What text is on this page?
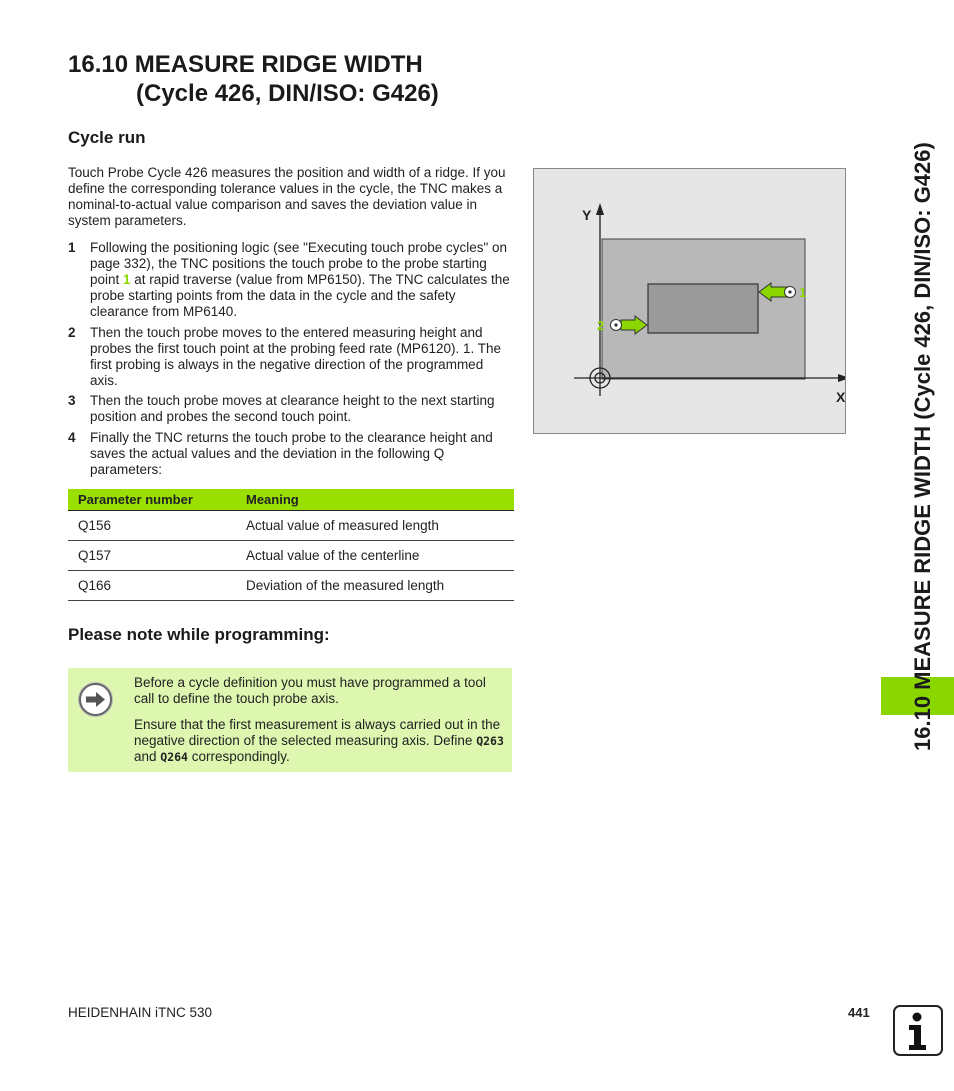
16.10 MEASURE RIDGE WIDTH
(Cycle 426, DIN/ISO: G426)
Cycle run

Touch Probe Cycle 426 measures the position and width of a ridge. If you define the corresponding tolerance values in the cycle, the TNC makes a nominal-to-actual value comparison and saves the deviation value in system parameters.

1	Following the positioning logic (see "Executing touch probe cycles" on page 332), the TNC positions the touch probe to the probe starting point 1 at rapid traverse (value from MP6150). The TNC calculates the probe starting points from the data in the cycle and the safety clearance from MP6140.
2	Then the touch probe moves to the entered measuring height and probes the first touch point at the probing feed rate (MP6120). 1. The first probing is always in the negative direction of the programmed axis.
3	Then the touch probe moves at clearance height to the next starting position and probes the second touch point.
4	Finally the TNC returns the touch probe to the clearance height and saves the actual values and the deviation in the following Q parameters:
Parameter number	Meaning
Q156	Actual value of measured length
Q157	Actual value of the centerline
Q166	Deviation of the measured length
Please note while programming:

Before a cycle definition you must have programmed a tool call to define the touch probe axis.

Ensure that the first measurement is always carried out in the negative direction of the selected measuring axis. Define Q263 and Q264 correspondingly.

1
2
Y
X	16.10 MEASURE RIDGE WIDTH (Cycle 426, DIN/ISO: G426)
HEIDENHAIN iTNC 530	441
